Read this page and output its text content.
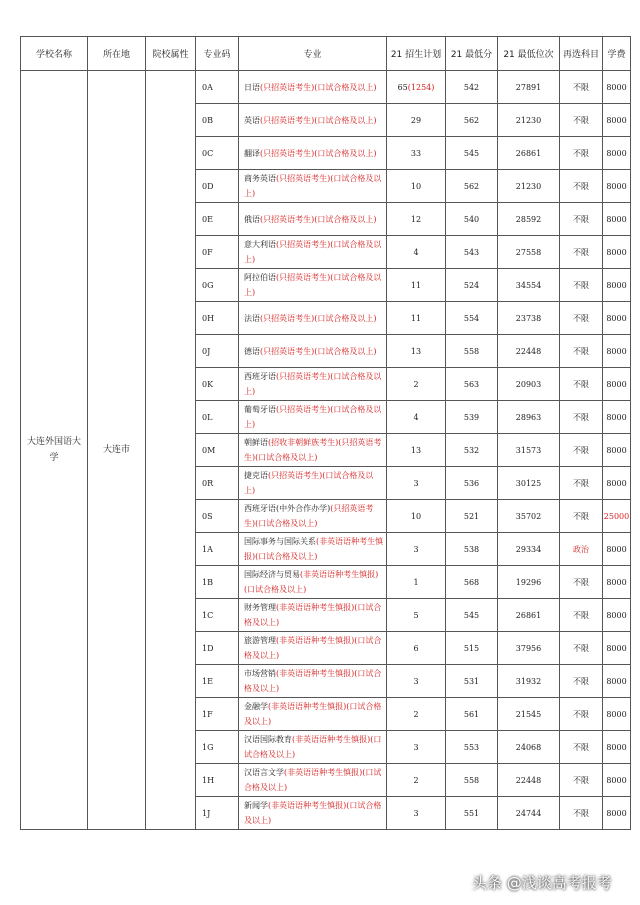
学校名称	所在地	院校属性	专业码	专业	21 招生计划	21 最低分	21 最低位次	再选科目	学费
大连外国语大学	大连市		0A	日语(只招英语考生)(口试合格及以上)	65(1254)	542	27891	不限	8000
			0B	英语(只招英语考生)(口试合格及以上)	29	562	21230	不限	8000
			0C	翻译(只招英语考生)(口试合格及以上)	33	545	26861	不限	8000
			0D	商务英语(只招英语考生)(口试合格及以上)	10	562	21230	不限	8000
			0E	俄语(只招英语考生)(口试合格及以上)	12	540	28592	不限	8000
			0F	意大利语(只招英语考生)(口试合格及以上)	4	543	27558	不限	8000
			0G	阿拉伯语(只招英语考生)(口试合格及以上)	11	524	34554	不限	8000
			0H	法语(只招英语考生)(口试合格及以上)	11	554	23738	不限	8000
			0J	德语(只招英语考生)(口试合格及以上)	13	558	22448	不限	8000
			0K	西班牙语(只招英语考生)(口试合格及以上)	2	563	20903	不限	8000
			0L	葡萄牙语(只招英语考生)(口试合格及以上)	4	539	28963	不限	8000
			0M	朝鲜语(招收非朝鲜族考生)(只招英语考生)(口试合格及以上)	13	532	31573	不限	8000
			0R	捷克语(只招英语考生)(口试合格及以上)	3	536	30125	不限	8000
			0S	西班牙语(中外合作办学)(只招英语考生)(口试合格及以上)	10	521	35702	不限	25000
			1A	国际事务与国际关系(非英语语种考生慎报)(口试合格及以上)	3	538	29334	政治	8000
			1B	国际经济与贸易(非英语语种考生慎报)(口试合格及以上)	1	568	19296	不限	8000
			1C	财务管理(非英语语种考生慎报)(口试合格及以上)	5	545	26861	不限	8000
			1D	旅游管理(非英语语种考生慎报)(口试合格及以上)	6	515	37956	不限	8000
			1E	市场营销(非英语语种考生慎报)(口试合格及以上)	3	531	31932	不限	8000
			1F	金融学(非英语语种考生慎报)(口试合格及以上)	2	561	21545	不限	8000
			1G	汉语国际教育(非英语语种考生慎报)(口试合格及以上)	3	553	24068	不限	8000
			1H	汉语言文学(非英语语种考生慎报)(口试合格及以上)	2	558	22448	不限	8000
			1J	新闻学(非英语语种考生慎报)(口试合格及以上)	3	551	24744	不限	8000
头条 @浅谈高考报考
